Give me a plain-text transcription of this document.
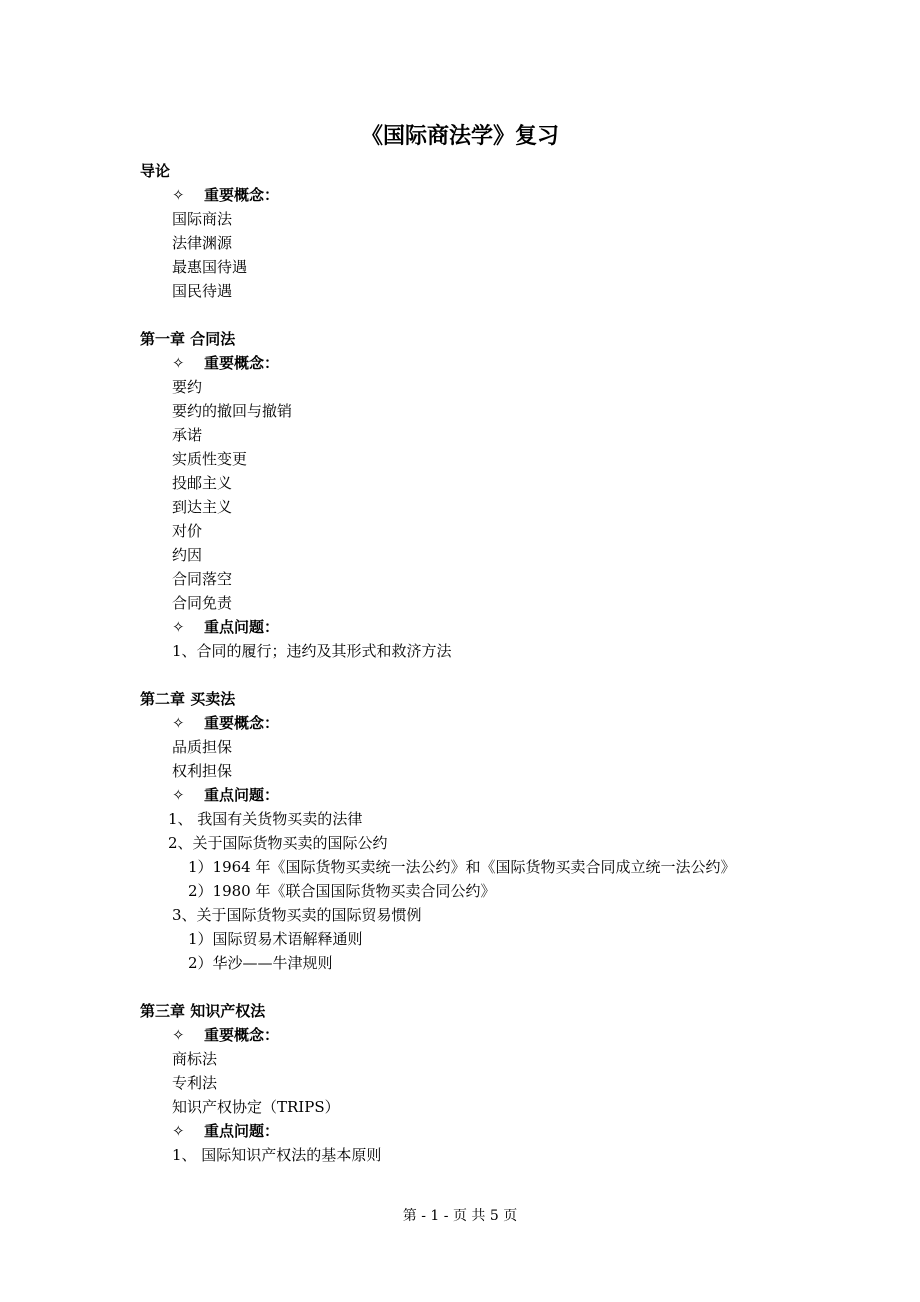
《国际商法学》复习
导论
✧ 重要概念：
国际商法
法律渊源
最惠国待遇
国民待遇
第一章 合同法
✧ 重要概念：
要约
要约的撤回与撤销
承诺
实质性变更
投邮主义
到达主义
对价
约因
合同落空
合同免责
✧ 重点问题：
1、合同的履行；违约及其形式和救济方法
第二章 买卖法
✧ 重要概念：
品质担保
权利担保
✧ 重点问题：
1、 我国有关货物买卖的法律
2、关于国际货物买卖的国际公约
1）1964 年《国际货物买卖统一法公约》和《国际货物买卖合同成立统一法公约》
2）1980 年《联合国国际货物买卖合同公约》
3、关于国际货物买卖的国际贸易惯例
1）国际贸易术语解释通则
2）华沙——牛津规则
第三章 知识产权法
✧ 重要概念：
商标法
专利法
知识产权协定（TRIPS）
✧ 重点问题：
1、 国际知识产权法的基本原则
第 - 1 - 页 共 5 页
